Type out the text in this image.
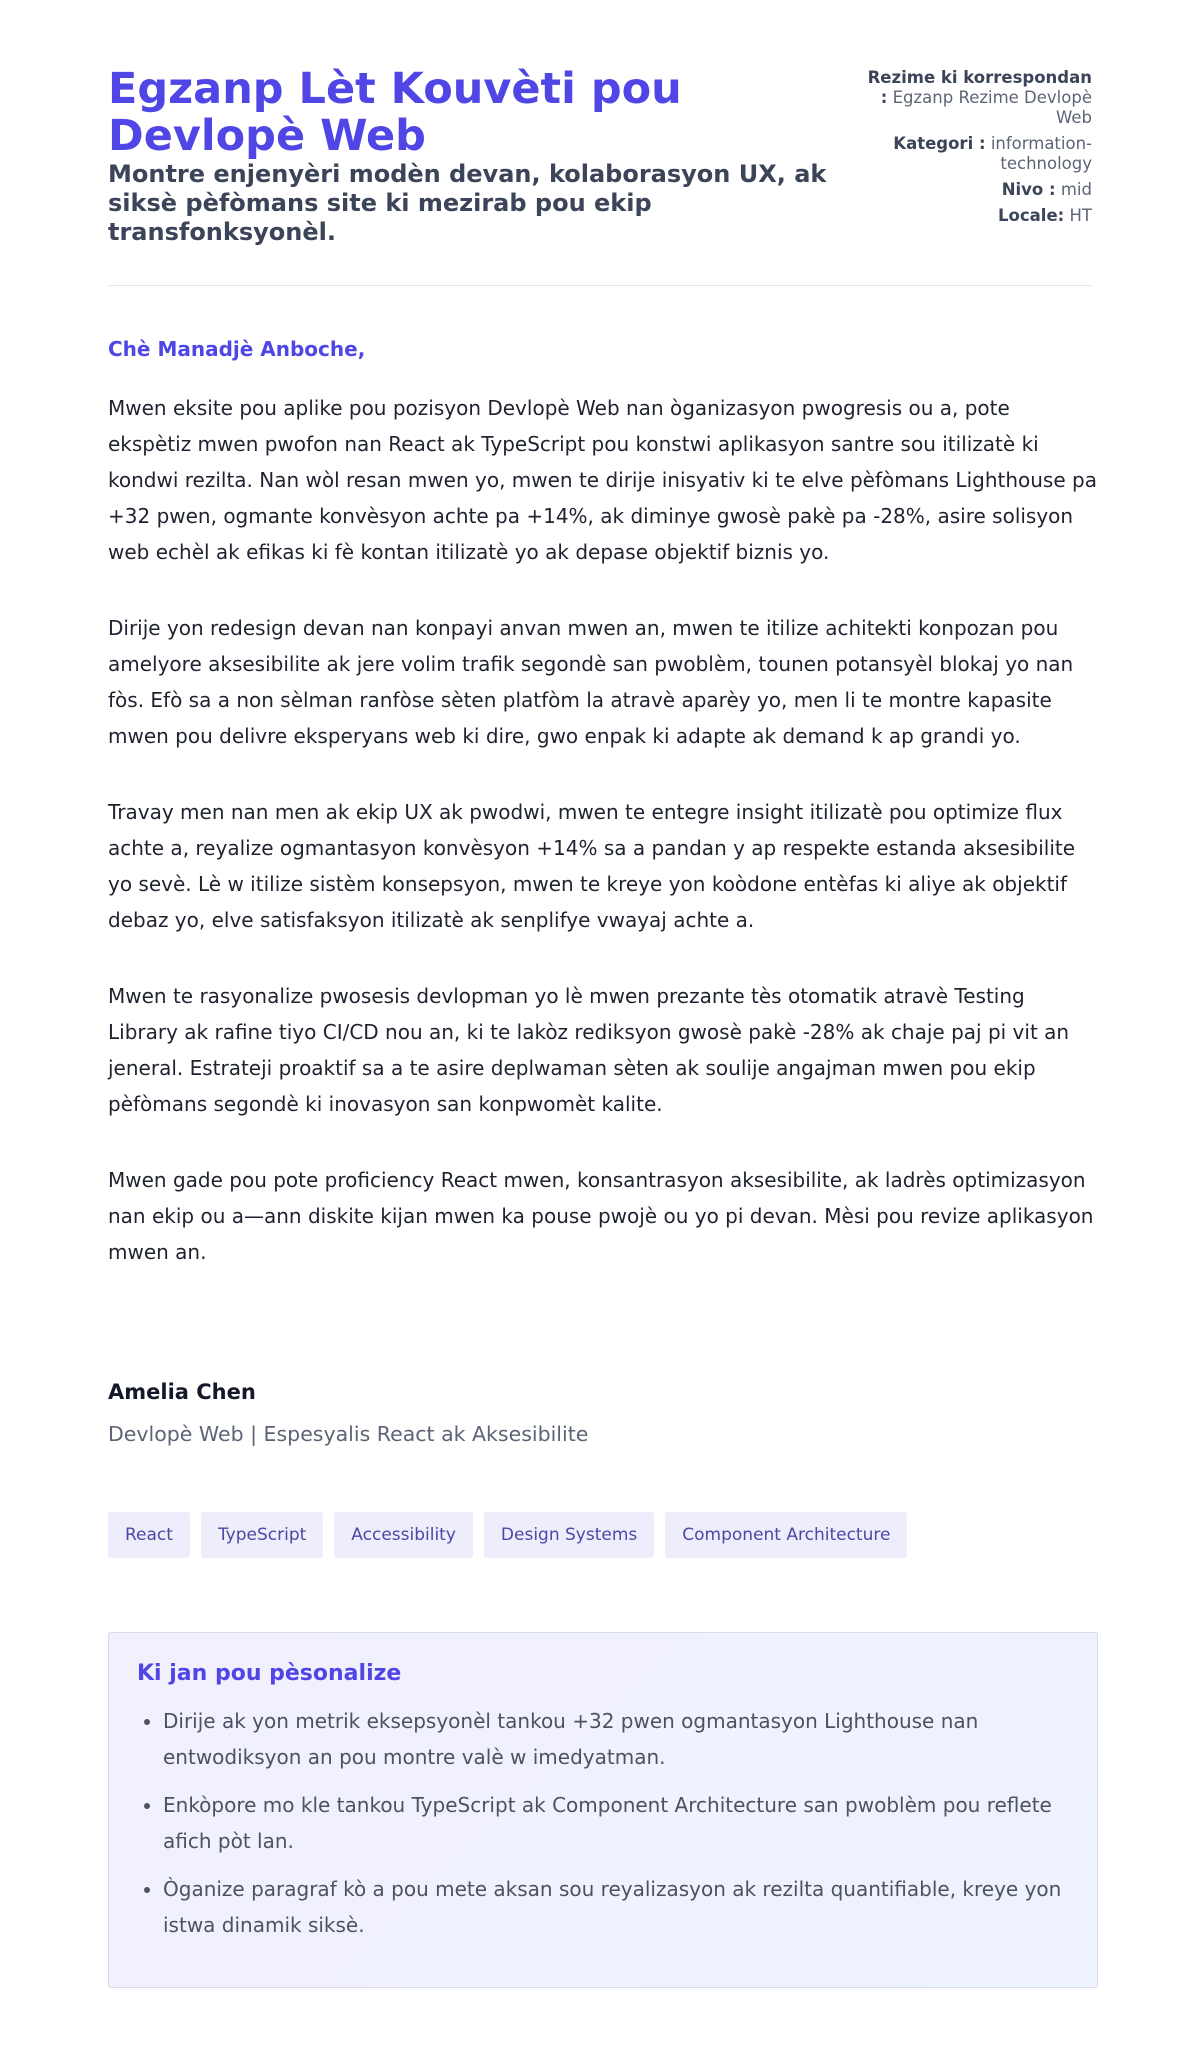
Egzanp Lèt Kouvèti pou Devlopè Web

Montre enjenyèri modèn devan, kolaborasyon UX, ak siksè pèfòmans site ki mezirab pou ekip transfonksyonèl.

Rezime ki korrespondan : Egzanp Rezime Devlopè Web
Kategori : information-technology
Nivo : mid
Locale: HT

Chè Manadjè Anboche,

Mwen eksite pou aplike pou pozisyon Devlopè Web nan òganizasyon pwogresis ou a, pote ekspètiz mwen pwofon nan React ak TypeScript pou konstwi aplikasyon santre sou itilizatè ki kondwi rezilta. Nan wòl resan mwen yo, mwen te dirije inisyativ ki te elve pèfòmans Lighthouse pa +32 pwen, ogmante konvèsyon achte pa +14%, ak diminye gwosè pakè pa -28%, asire solisyon web echèl ak efikas ki fè kontan itilizatè yo ak depase objektif biznis yo.

Dirije yon redesign devan nan konpayi anvan mwen an, mwen te itilize achitekti konpozan pou amelyore aksesibilite ak jere volim trafik segondè san pwoblèm, tounen potansyèl blokaj yo nan fòs. Efò sa a non sèlman ranfòse sèten platfòm la atravè aparèy yo, men li te montre kapasite mwen pou delivre eksperyans web ki dire, gwo enpak ki adapte ak demand k ap grandi yo.

Travay men nan men ak ekip UX ak pwodwi, mwen te entegre insight itilizatè pou optimize flux achte a, reyalize ogmantasyon konvèsyon +14% sa a pandan y ap respekte estanda aksesibilite yo sevè. Lè w itilize sistèm konsepsyon, mwen te kreye yon koòdone entèfas ki aliye ak objektif debaz yo, elve satisfaksyon itilizatè ak senplifye vwayaj achte a.

Mwen te rasyonalize pwosesis devlopman yo lè mwen prezante tès otomatik atravè Testing Library ak rafine tiyo CI/CD nou an, ki te lakòz rediksyon gwosè pakè -28% ak chaje paj pi vit an jeneral. Estrateji proaktif sa a te asire deplwaman sèten ak soulije angajman mwen pou ekip pèfòmans segondè ki inovasyon san konpwomèt kalite.

Mwen gade pou pote proficiency React mwen, konsantrasyon aksesibilite, ak ladrès optimizasyon nan ekip ou a—ann diskite kijan mwen ka pouse pwojè ou yo pi devan. Mèsi pou revize aplikasyon mwen an.

Amelia Chen

Devlopè Web | Espesyalis React ak Aksesibilite

React	TypeScript	Accessibility	Design Systems	Component Architecture
Ki jan pou pèsonalize
• Dirije ak yon metrik eksepsyonèl tankou +32 pwen ogmantasyon Lighthouse nan entwodiksyon an pou montre valè w imedyatman.
• Enkòpore mo kle tankou TypeScript ak Component Architecture san pwoblèm pou reflete afich pòt lan.
• Òganize paragraf kò a pou mete aksan sou reyalizasyon ak rezilta quantifiable, kreye yon istwa dinamik siksè.
